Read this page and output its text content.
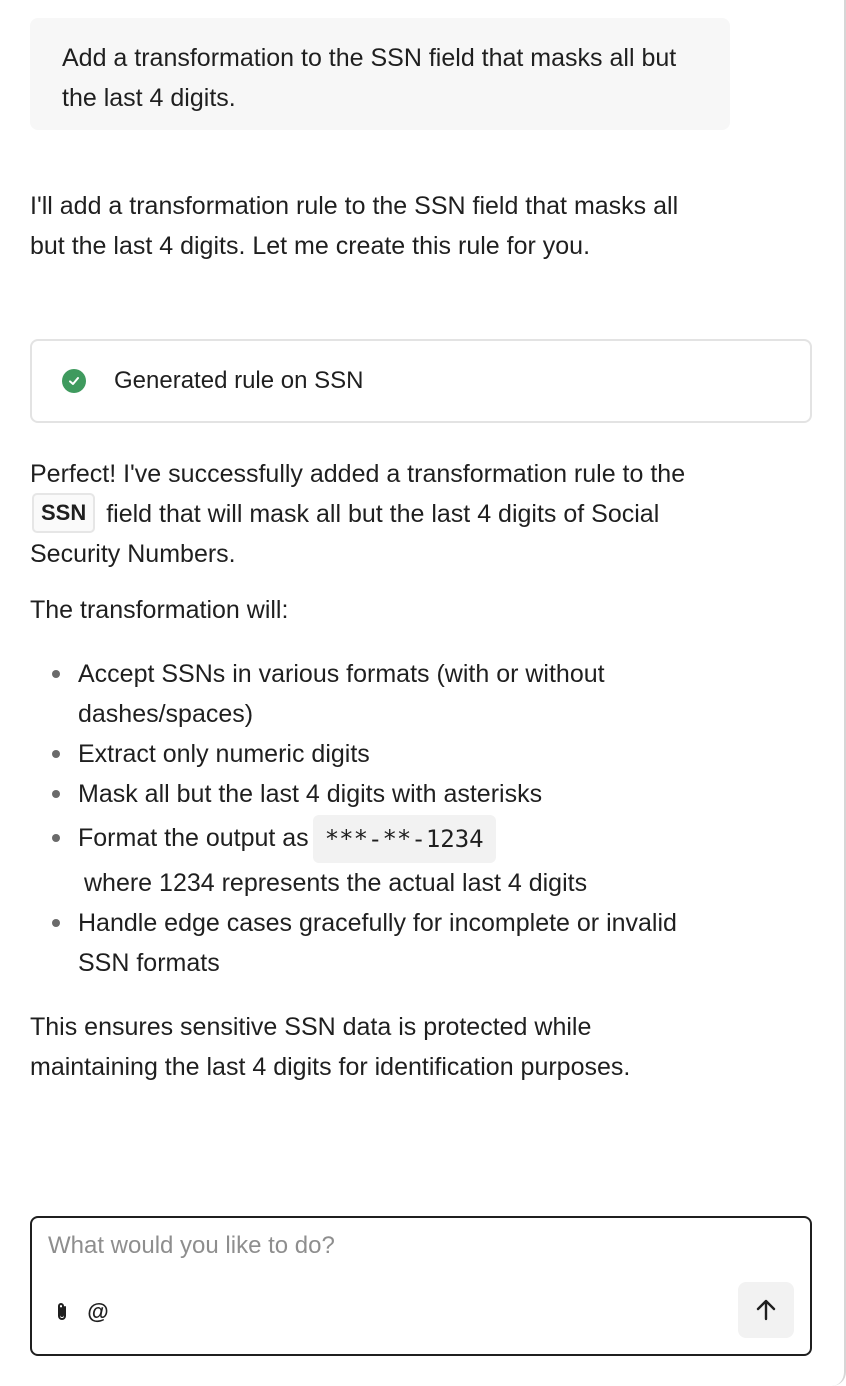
Add a transformation to the SSN field that masks all but the last 4 digits.

I'll add a transformation rule to the SSN field that masks all but the last 4 digits. Let me create this rule for you.

Generated rule on SSN

Perfect! I've successfully added a transformation rule to the SSN field that will mask all but the last 4 digits of Social Security Numbers.

The transformation will:

Accept SSNs in various formats (with or without dashes/spaces)
Extract only numeric digits
Mask all but the last 4 digits with asterisks
Format the output as ***-**-1234
where 1234 represents the actual last 4 digits
Handle edge cases gracefully for incomplete or invalid SSN formats

This ensures sensitive SSN data is protected while maintaining the last 4 digits for identification purposes.

What would you like to do?
@
